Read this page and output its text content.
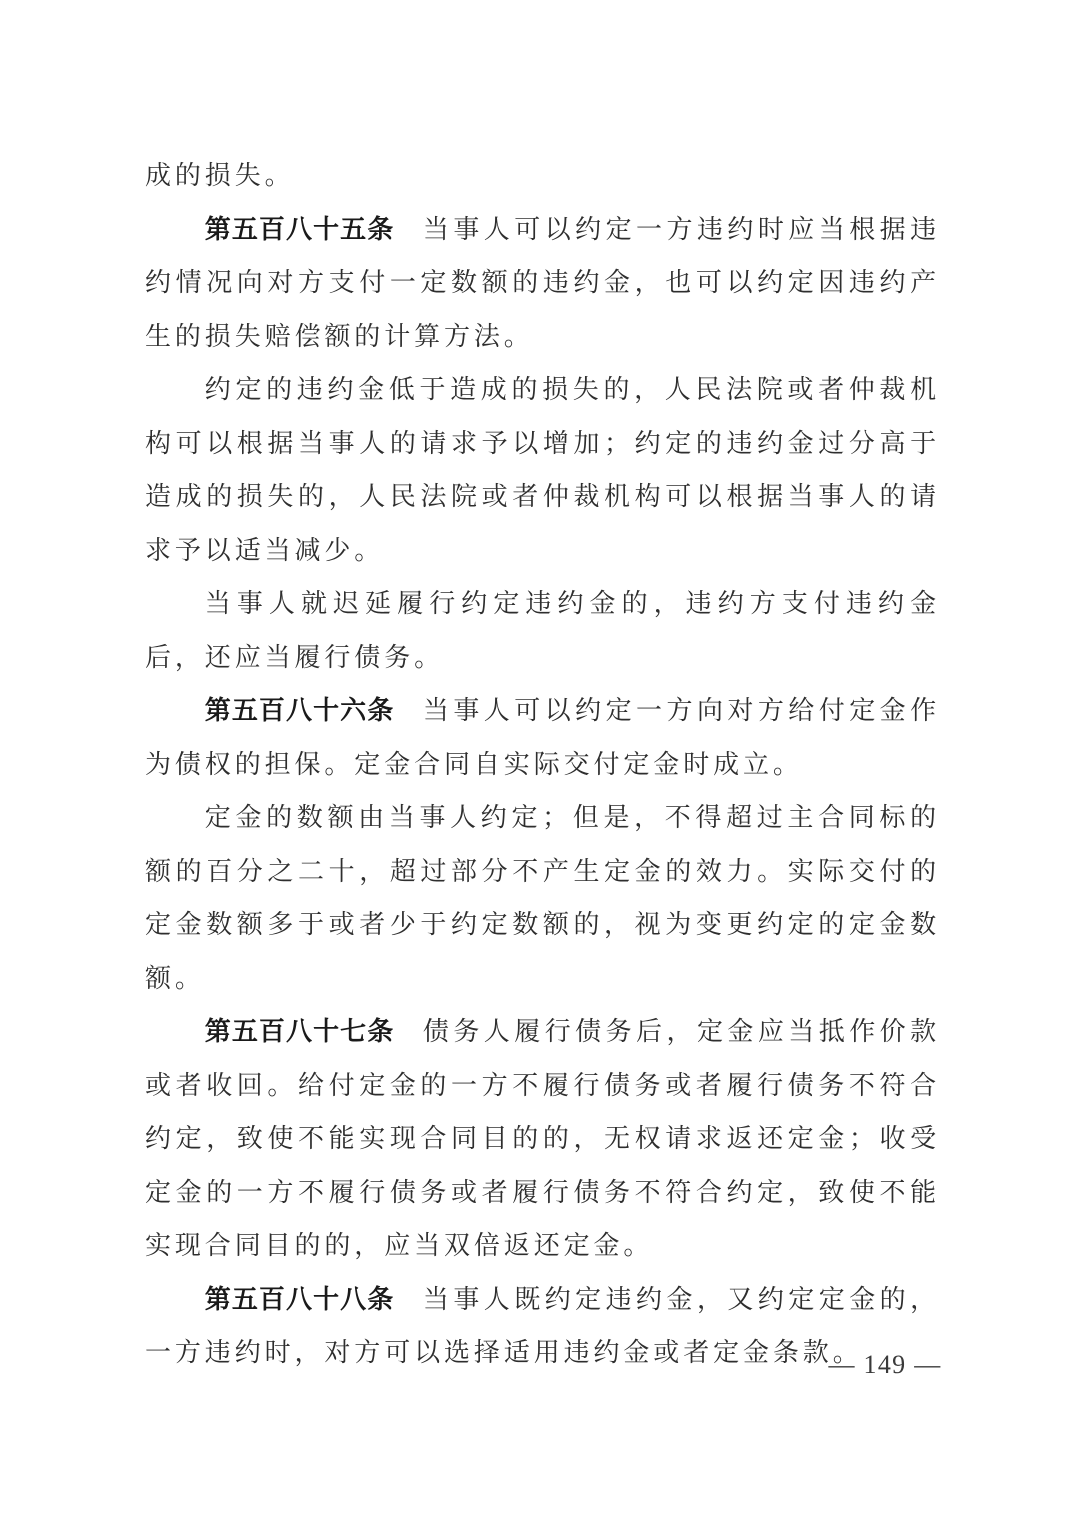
成的损失。

第五百八十五条 当事人可以约定一方违约时应当根据违约情况向对方支付一定数额的违约金，也可以约定因违约产生的损失赔偿额的计算方法。

约定的违约金低于造成的损失的，人民法院或者仲裁机构可以根据当事人的请求予以增加；约定的违约金过分高于造成的损失的，人民法院或者仲裁机构可以根据当事人的请求予以适当减少。

当事人就迟延履行约定违约金的，违约方支付违约金后，还应当履行债务。

第五百八十六条 当事人可以约定一方向对方给付定金作为债权的担保。定金合同自实际交付定金时成立。

定金的数额由当事人约定；但是，不得超过主合同标的额的百分之二十，超过部分不产生定金的效力。实际交付的定金数额多于或者少于约定数额的，视为变更约定的定金数额。

第五百八十七条 债务人履行债务后，定金应当抵作价款或者收回。给付定金的一方不履行债务或者履行债务不符合约定，致使不能实现合同目的的，无权请求返还定金；收受定金的一方不履行债务或者履行债务不符合约定，致使不能实现合同目的的，应当双倍返还定金。

第五百八十八条 当事人既约定违约金，又约定定金的，一方违约时，对方可以选择适用违约金或者定金条款。

— 149 —
